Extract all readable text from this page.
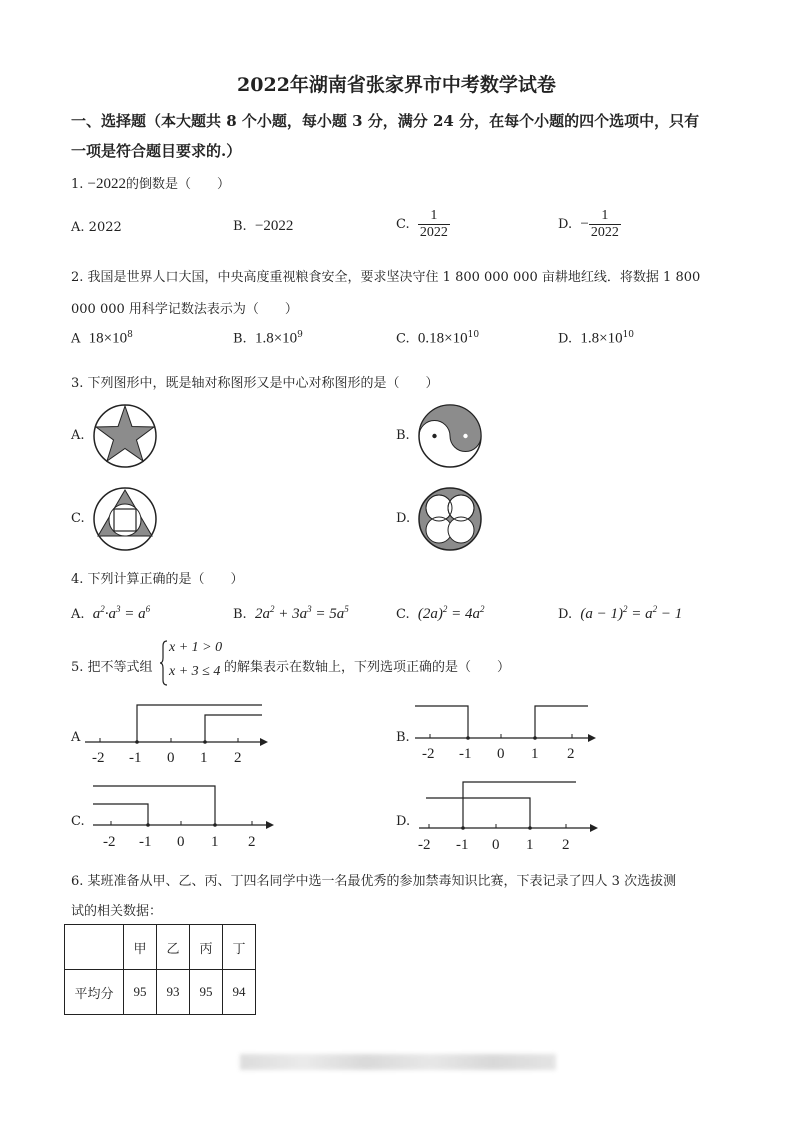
2022年湖南省张家界市中考数学试卷
一、选择题（本大题共 8 个小题，每小题 3 分，满分 24 分，在每个小题的四个选项中，只有
一项是符合题目要求的.）
1. −2022的倒数是（　　）
A. 2022	B. −2022	C. $\frac{1}{2022}$	D. − $\frac{1}{2022}$
2. 我国是世界人口大国，中央高度重视粮食安全，要求坚决守住 1 800 000 000 亩耕地红线．将数据 1 800
000 000 用科学记数法表示为（　　）
A $18\times 10^8$	B. $1.8\times 10^9$	C. $0.18\times 10^{10}$	D. $1.8\times 10^{10}$
3. 下列图形中，既是轴对称图形又是中心对称图形的是（　　）
A.	B.
C.	D.
4. 下列计算正确的是（　　）
A. $a^2\cdot a^3 = a^6$	B. $2a^2 + 3a^3 = 5a^5$	C. $(2a)^2 = 4a^2$	D. $(a - 1)^2 = a^2 - 1$
5. 把不等式组
x + 1 > 0
x + 3 ≤ 4 的解集表示在数轴上，下列选项正确的是（　　）
A
-2 -1 0 1 2
B.
-2 -1 0 1 2
C.
-2 -1 0 1 2
D.
-2 -1 0 1 2
6. 某班准备从甲、乙、丙、丁四名同学中选一名最优秀的参加禁毒知识比赛，下表记录了四人 3 次选拔测
试的相关数据：
	甲	乙	丙	丁
平均分	95	93	95	94
